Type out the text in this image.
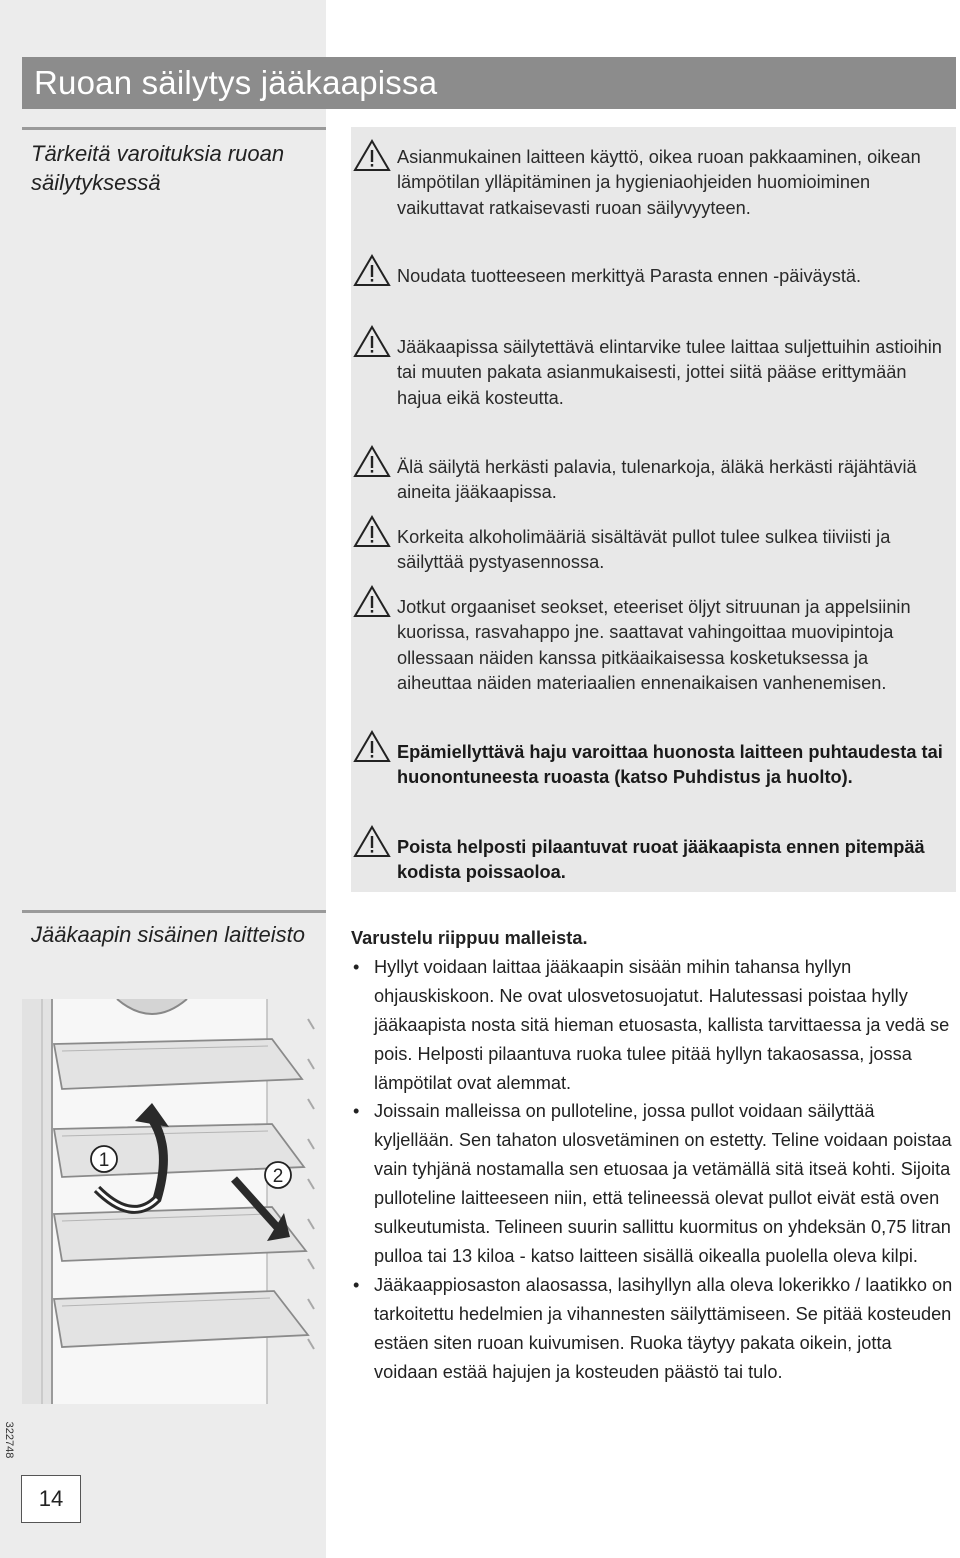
Ruoan säilytys jääkaapissa
Tärkeitä varoituksia ruoan säilytyksessä
Asianmukainen laitteen käyttö, oikea ruoan pakkaaminen, oikean lämpötilan ylläpitäminen ja hygieniaohjeiden huomioiminen vaikuttavat ratkaisevasti ruoan säilyvyyteen.
Noudata tuotteeseen merkittyä Parasta ennen -päiväystä.
Jääkaapissa säilytettävä elintarvike tulee laittaa suljettuihin astioihin tai muuten pakata asianmukaisesti, jottei siitä pääse erittymään hajua eikä kosteutta.
Älä säilytä herkästi palavia, tulenarkoja, äläkä herkästi räjähtäviä aineita jääkaapissa.
Korkeita alkoholimääriä sisältävät pullot tulee sulkea tiiviisti ja säilyttää pystyasennossa.
Jotkut orgaaniset seokset, eteeriset öljyt sitruunan ja appelsiinin kuorissa, rasvahappo jne. saattavat vahingoittaa muovipintoja ollessaan näiden kanssa pitkäaikaisessa kosketuksessa ja aiheuttaa näiden materiaalien ennenaikaisen vanhenemisen.
Epämiellyttävä haju varoittaa huonosta laitteen puhtaudesta tai huonontuneesta ruoasta (katso Puhdistus ja huolto).
Poista helposti pilaantuvat ruoat jääkaapista ennen pitempää kodista poissaoloa.
Jääkaapin sisäinen laitteisto
1
2
Varustelu riippuu malleista.
• Hyllyt voidaan laittaa jääkaapin sisään mihin tahansa hyllyn ohjauskiskoon. Ne ovat ulosvetosuojatut. Halutessasi poistaa hylly jääkaapista nosta sitä hieman etuosasta, kallista tarvittaessa ja vedä se pois. Helposti pilaantuva ruoka tulee pitää hyllyn takaosassa, jossa lämpötilat ovat alemmat.
• Joissain malleissa on pulloteline, jossa pullot voidaan säilyttää kyljellään. Sen tahaton ulosvetäminen on estetty. Teline voidaan poistaa vain tyhjänä nostamalla sen etuosaa ja vetämällä sitä itseä kohti. Sijoita pulloteline laitteeseen niin, että telineessä olevat pullot eivät estä oven sulkeutumista. Telineen suurin sallittu kuormitus on yhdeksän 0,75 litran pulloa tai 13 kiloa - katso laitteen sisällä oikealla puolella oleva kilpi.
• Jääkaappiosaston alaosassa, lasihyllyn alla oleva lokerikko / laatikko on tarkoitettu hedelmien ja vihannesten säilyttämiseen. Se pitää kosteuden estäen siten ruoan kuivumisen. Ruoka täytyy pakata oikein, jotta voidaan estää hajujen ja kosteuden päästö tai tulo.
322748
14
